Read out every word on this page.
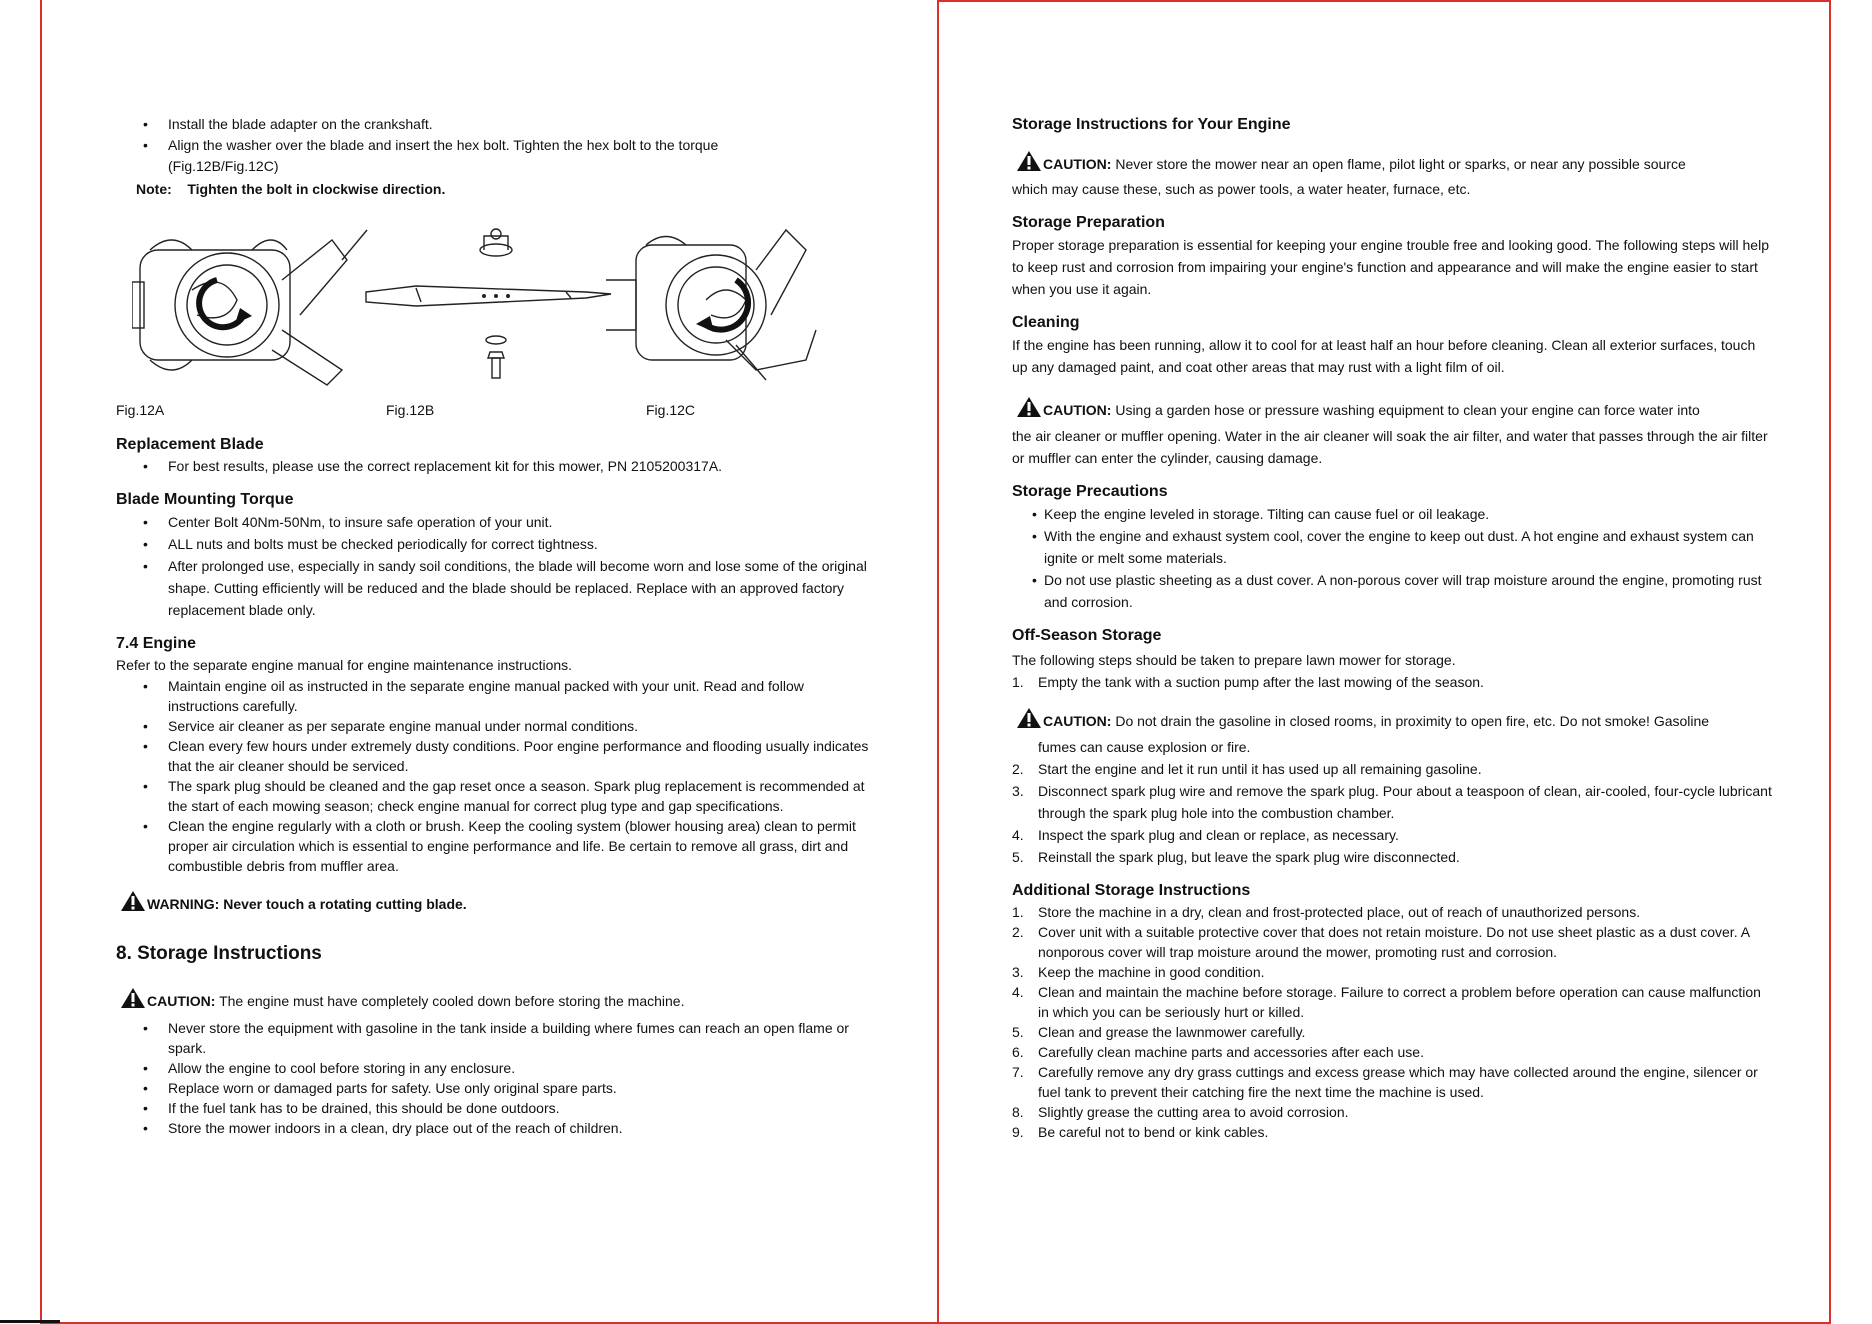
• Install the blade adapter on the crankshaft.
• Align the washer over the blade and insert the hex bolt. Tighten the hex bolt to the torque (Fig.12B/Fig.12C)
Note: Tighten the bolt in clockwise direction.
Fig.12A	Fig.12B	Fig.12C
Replacement Blade
• For best results, please use the correct replacement kit for this mower, PN 2105200317A.
Blade Mounting Torque
• Center Bolt 40Nm-50Nm, to insure safe operation of your unit.
• ALL nuts and bolts must be checked periodically for correct tightness.
• After prolonged use, especially in sandy soil conditions, the blade will become worn and lose some of the original shape. Cutting efficiently will be reduced and the blade should be replaced. Replace with an approved factory replacement blade only.
7.4 Engine
Refer to the separate engine manual for engine maintenance instructions.
• Maintain engine oil as instructed in the separate engine manual packed with your unit. Read and follow instructions carefully.
• Service air cleaner as per separate engine manual under normal conditions.
• Clean every few hours under extremely dusty conditions. Poor engine performance and flooding usually indicates that the air cleaner should be serviced.
• The spark plug should be cleaned and the gap reset once a season. Spark plug replacement is recommended at the start of each mowing season; check engine manual for correct plug type and gap specifications.
• Clean the engine regularly with a cloth or brush. Keep the cooling system (blower housing area) clean to permit proper air circulation which is essential to engine performance and life. Be certain to remove all grass, dirt and combustible debris from muffler area.
WARNING: Never touch a rotating cutting blade.
8. Storage Instructions
CAUTION: The engine must have completely cooled down before storing the machine.
• Never store the equipment with gasoline in the tank inside a building where fumes can reach an open flame or spark.
• Allow the engine to cool before storing in any enclosure.
• Replace worn or damaged parts for safety. Use only original spare parts.
• If the fuel tank has to be drained, this should be done outdoors.
• Store the mower indoors in a clean, dry place out of the reach of children.
Storage Instructions for Your Engine
CAUTION: Never store the mower near an open flame, pilot light or sparks, or near any possible source
which may cause these, such as power tools, a water heater, furnace, etc.
Storage Preparation
Proper storage preparation is essential for keeping your engine trouble free and looking good. The following steps will help to keep rust and corrosion from impairing your engine's function and appearance and will make the engine easier to start when you use it again.
Cleaning
If the engine has been running, allow it to cool for at least half an hour before cleaning. Clean all exterior surfaces, touch up any damaged paint, and coat other areas that may rust with a light film of oil.
CAUTION: Using a garden hose or pressure washing equipment to clean your engine can force water into
the air cleaner or muffler opening. Water in the air cleaner will soak the air filter, and water that passes through the air filter or muffler can enter the cylinder, causing damage.
Storage Precautions
• Keep the engine leveled in storage. Tilting can cause fuel or oil leakage.
• With the engine and exhaust system cool, cover the engine to keep out dust. A hot engine and exhaust system can ignite or melt some materials.
• Do not use plastic sheeting as a dust cover. A non-porous cover will trap moisture around the engine, promoting rust and corrosion.
Off-Season Storage
The following steps should be taken to prepare lawn mower for storage.
1. Empty the tank with a suction pump after the last mowing of the season.
CAUTION: Do not drain the gasoline in closed rooms, in proximity to open fire, etc. Do not smoke! Gasoline
fumes can cause explosion or fire.
2. Start the engine and let it run until it has used up all remaining gasoline.
3. Disconnect spark plug wire and remove the spark plug. Pour about a teaspoon of clean, air-cooled, four-cycle lubricant through the spark plug hole into the combustion chamber.
4. Inspect the spark plug and clean or replace, as necessary.
5. Reinstall the spark plug, but leave the spark plug wire disconnected.
Additional Storage Instructions
1. Store the machine in a dry, clean and frost-protected place, out of reach of unauthorized persons.
2. Cover unit with a suitable protective cover that does not retain moisture. Do not use sheet plastic as a dust cover. A nonporous cover will trap moisture around the mower, promoting rust and corrosion.
3. Keep the machine in good condition.
4. Clean and maintain the machine before storage. Failure to correct a problem before operation can cause malfunction in which you can be seriously hurt or killed.
5. Clean and grease the lawnmower carefully.
6. Carefully clean machine parts and accessories after each use.
7. Carefully remove any dry grass cuttings and excess grease which may have collected around the engine, silencer or fuel tank to prevent their catching fire the next time the machine is used.
8. Slightly grease the cutting area to avoid corrosion.
9. Be careful not to bend or kink cables.
